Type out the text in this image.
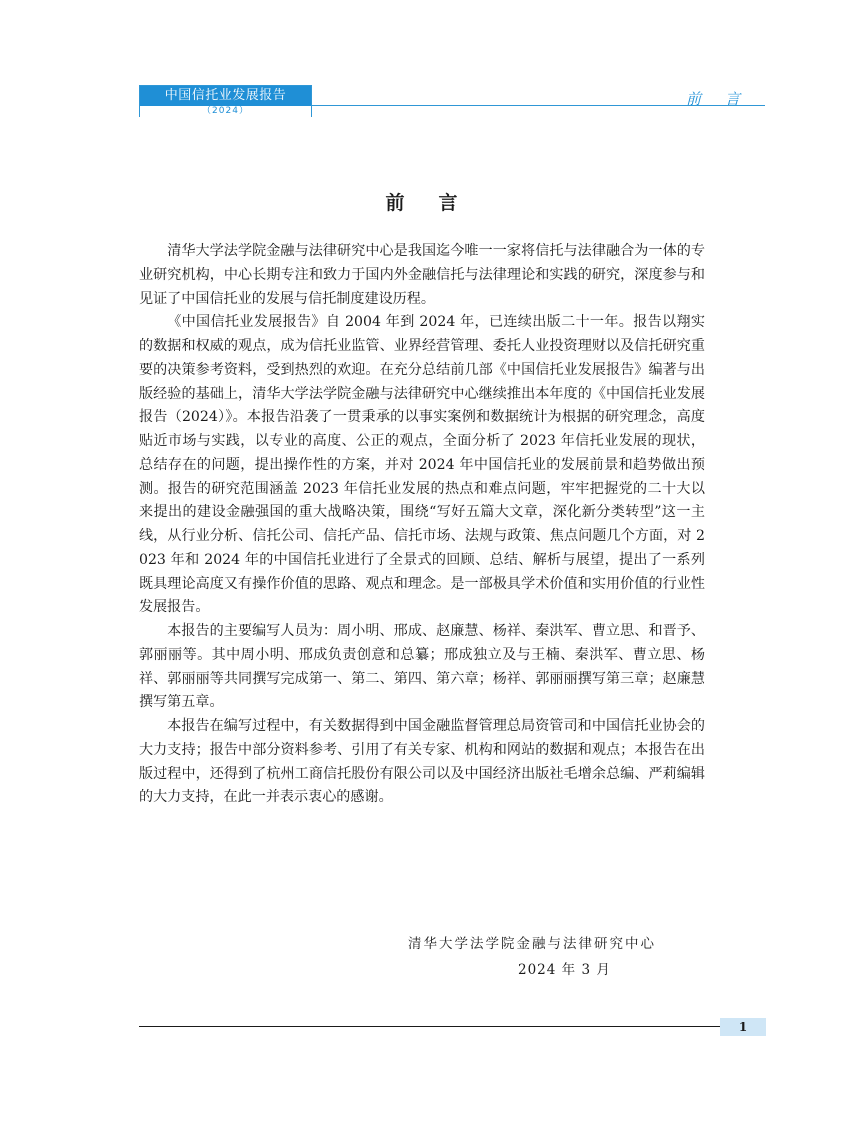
中国信托业发展报告
（2024）
前言
前言

清华大学法学院金融与法律研究中心是我国迄今唯一一家将信托与法律融合为一体的专业研究机构，中心长期专注和致力于国内外金融信托与法律理论和实践的研究，深度参与和见证了中国信托业的发展与信托制度建设历程。

《中国信托业发展报告》自 2004 年到 2024 年，已连续出版二十一年。报告以翔实的数据和权威的观点，成为信托业监管、业界经营管理、委托人业投资理财以及信托研究重要的决策参考资料，受到热烈的欢迎。在充分总结前几部《中国信托业发展报告》编著与出版经验的基础上，清华大学法学院金融与法律研究中心继续推出本年度的《中国信托业发展报告（2024）》。本报告沿袭了一贯秉承的以事实案例和数据统计为根据的研究理念，高度贴近市场与实践，以专业的高度、公正的观点，全面分析了 2023 年信托业发展的现状，总结存在的问题，提出操作性的方案，并对 2024 年中国信托业的发展前景和趋势做出预测。报告的研究范围涵盖 2023 年信托业发展的热点和难点问题，牢牢把握党的二十大以来提出的建设金融强国的重大战略决策，围绕“写好五篇大文章，深化新分类转型”这一主线，从行业分析、信托公司、信托产品、信托市场、法规与政策、焦点问题几个方面，对 2023 年和 2024 年的中国信托业进行了全景式的回顾、总结、解析与展望，提出了一系列既具理论高度又有操作价值的思路、观点和理念。是一部极具学术价值和实用价值的行业性发展报告。

本报告的主要编写人员为：周小明、邢成、赵廉慧、杨祥、秦洪军、曹立思、和晋予、郭丽丽等。其中周小明、邢成负责创意和总纂；邢成独立及与王楠、秦洪军、曹立思、杨祥、郭丽丽等共同撰写完成第一、第二、第四、第六章；杨祥、郭丽丽撰写第三章；赵廉慧撰写第五章。

本报告在编写过程中，有关数据得到中国金融监督管理总局资管司和中国信托业协会的大力支持；报告中部分资料参考、引用了有关专家、机构和网站的数据和观点；本报告在出版过程中，还得到了杭州工商信托股份有限公司以及中国经济出版社毛增余总编、严莉编辑的大力支持，在此一并表示衷心的感谢。

清华大学法学院金融与法律研究中心
2024 年 3 月
1
